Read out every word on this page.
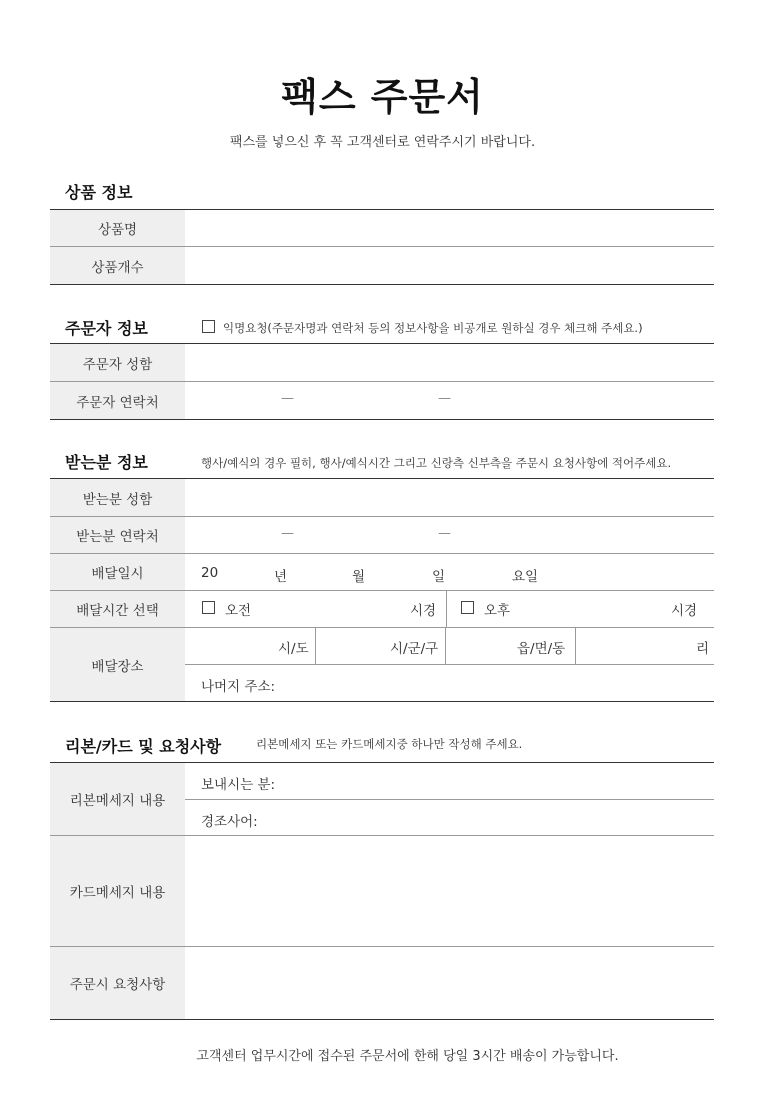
팩스 주문서
팩스를 넣으신 후 꼭 고객센터로 연락주시기 바랍니다.
상품 정보
상품명
상품개수
주문자 정보	익명요청(주문자명과 연락처 등의 정보사항을 비공개로 원하실 경우 체크해 주세요.)
주문자 성함
주문자 연락처	—	—
받는분 정보	행사/예식의 경우 필히, 행사/예식시간 그리고 신랑측 신부측을 주문시 요청사항에 적어주세요.
받는분 성함
받는분 연락처	—	—
배달일시	20	년	월	일	요일
배달시간 선택	오전	시경	오후	시경
배달장소
시/도	시/군/구	읍/면/동	리
나머지 주소:
리본/카드 및 요청사항	리본메세지 또는 카드메세지중 하나만 작성해 주세요.
리본메세지 내용
보내시는 분:
경조사어:
카드메세지 내용
주문시 요청사항
고객센터 업무시간에 접수된 주문서에 한해 당일 3시간 배송이 가능합니다.
